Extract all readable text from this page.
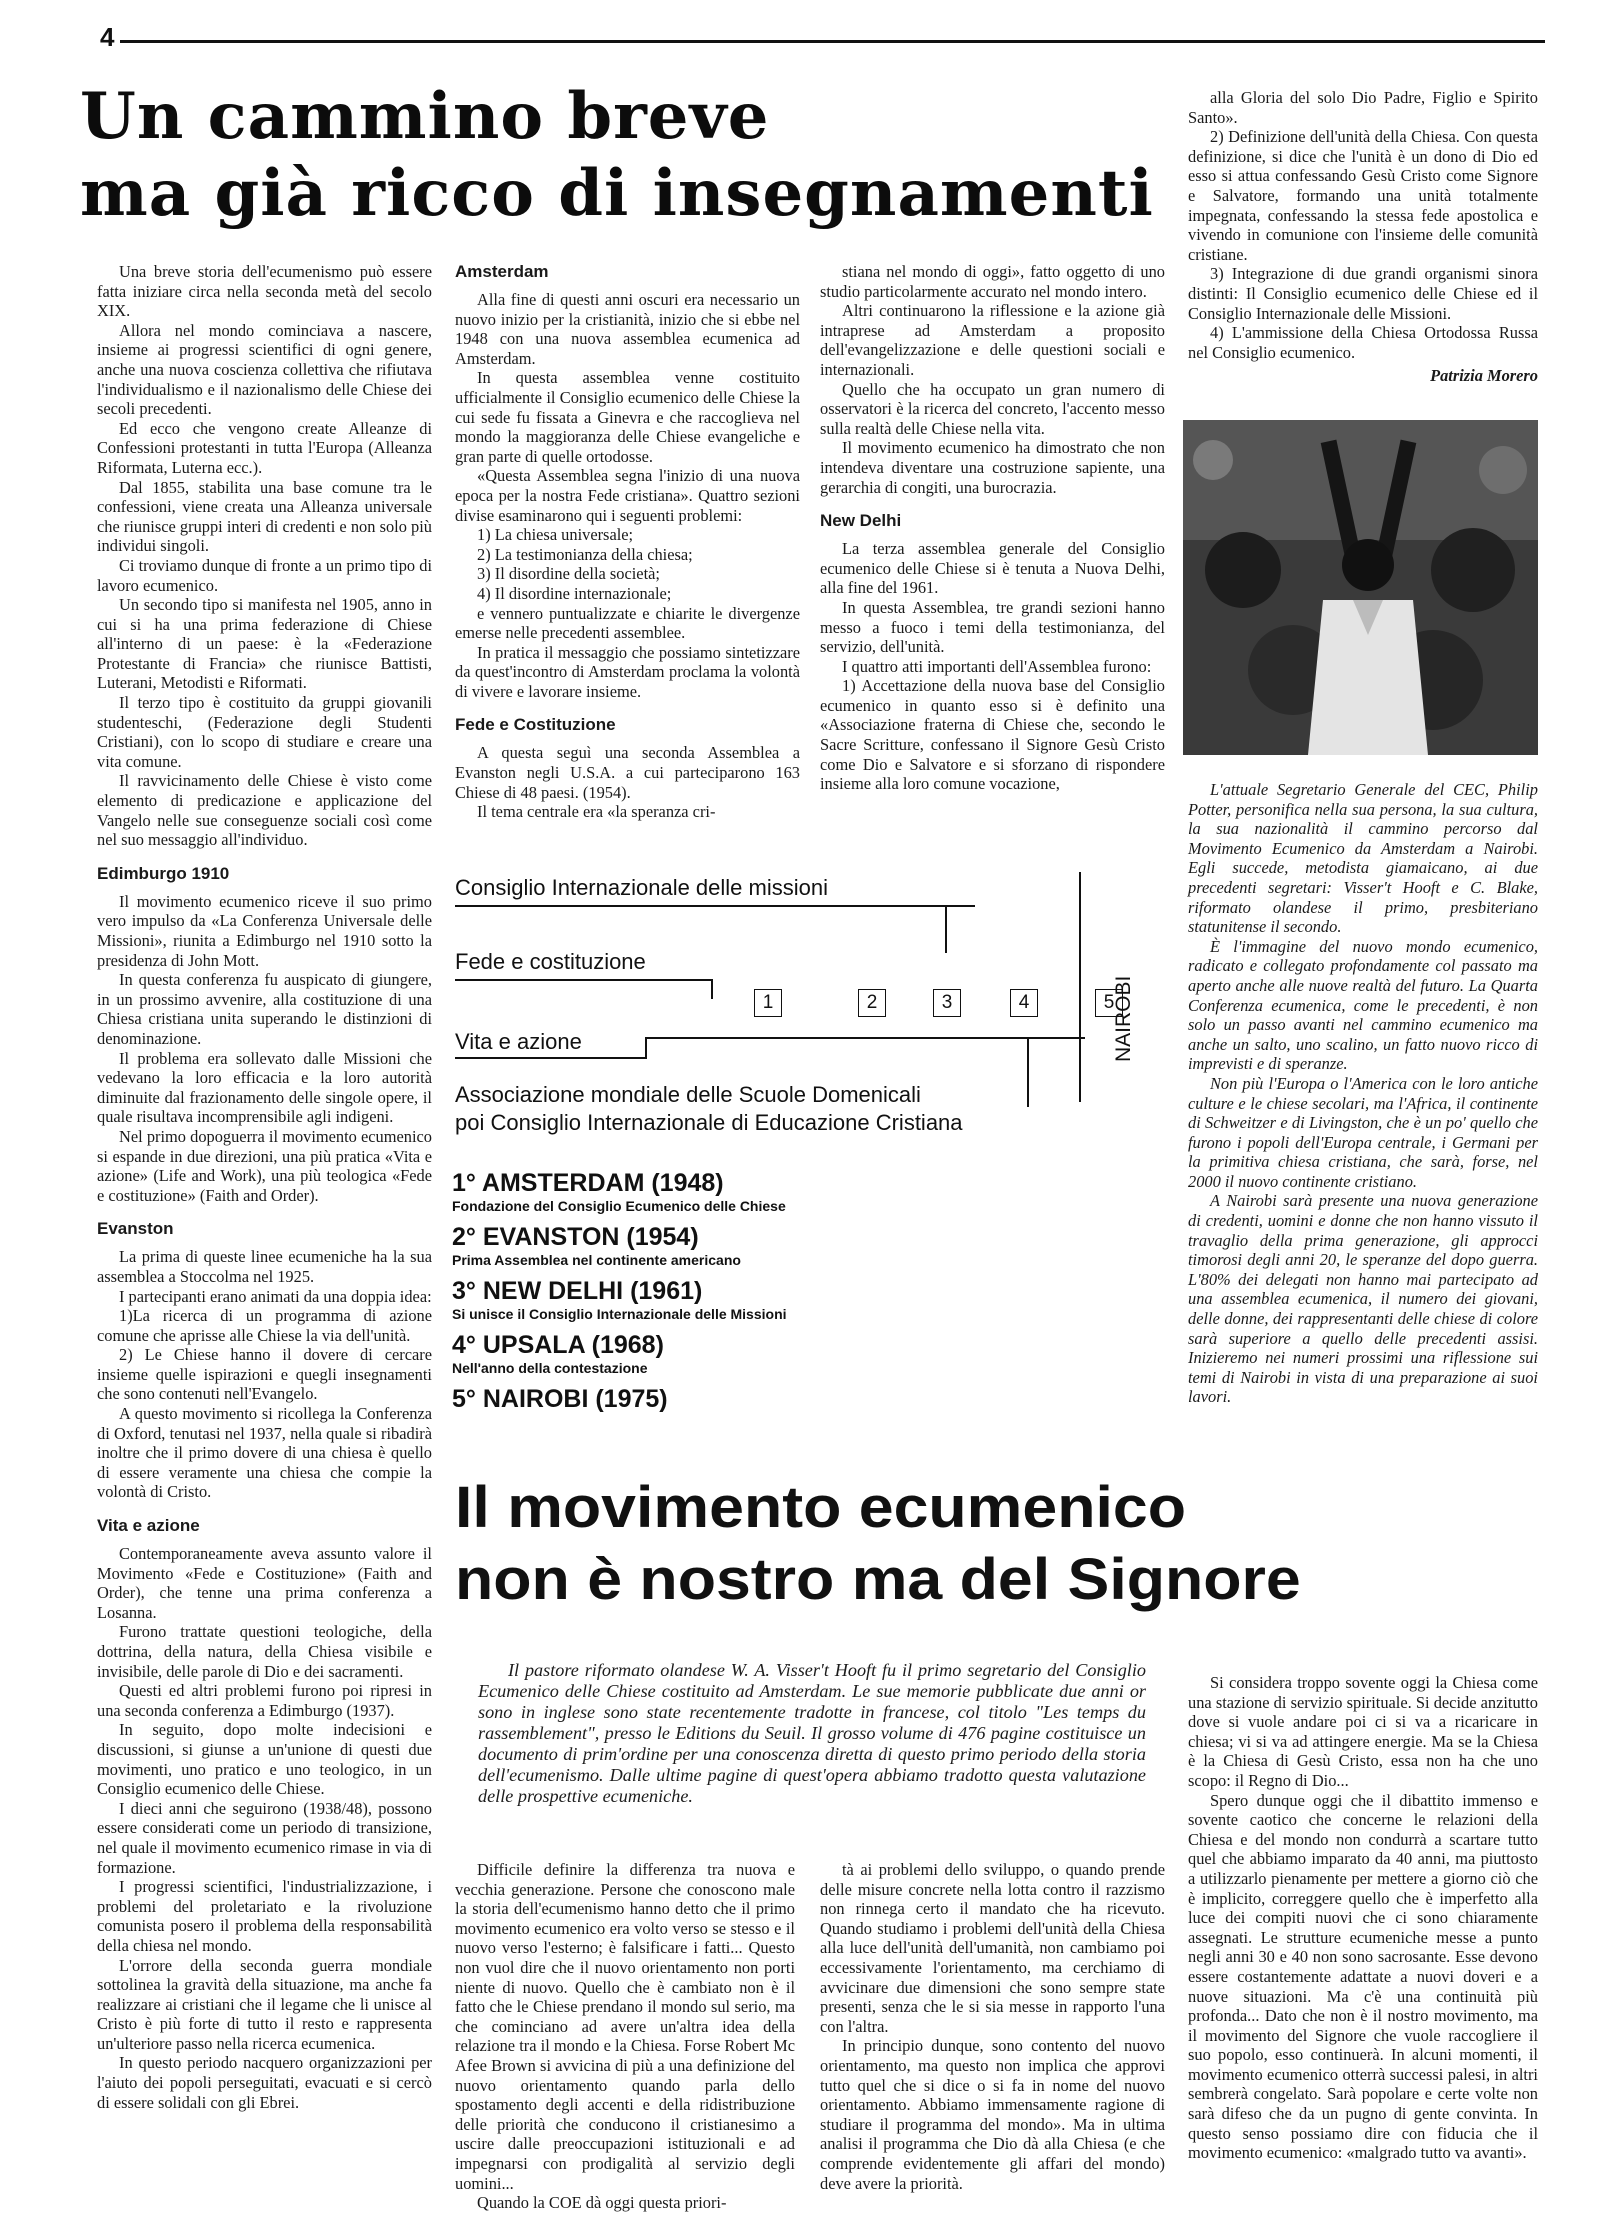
4
Un cammino breve
ma già ricco di insegnamenti

Una breve storia dell'ecumenismo può essere fatta iniziare circa nella seconda metà del secolo XIX.

Allora nel mondo cominciava a nascere, insieme ai progressi scientifici di ogni genere, anche una nuova coscienza collettiva che rifiutava l'individualismo e il nazionalismo delle Chiese dei secoli precedenti.

Ed ecco che vengono create Alleanze di Confessioni protestanti in tutta l'Europa (Alleanza Riformata, Luterna ecc.).

Dal 1855, stabilita una base comune tra le confessioni, viene creata una Alleanza universale che riunisce gruppi interi di credenti e non solo più individui singoli.

Ci troviamo dunque di fronte a un primo tipo di lavoro ecumenico.

Un secondo tipo si manifesta nel 1905, anno in cui si ha una prima federazione di Chiese all'interno di un paese: è la «Federazione Protestante di Francia» che riunisce Battisti, Luterani, Metodisti e Riformati.

Il terzo tipo è costituito da gruppi giovanili studenteschi, (Federazione degli Studenti Cristiani), con lo scopo di studiare e creare una vita comune.

Il ravvicinamento delle Chiese è visto come elemento di predicazione e applicazione del Vangelo nelle sue conseguenze sociali così come nel suo messaggio all'individuo.

Edimburgo 1910

Il movimento ecumenico riceve il suo primo vero impulso da «La Conferenza Universale delle Missioni», riunita a Edimburgo nel 1910 sotto la presidenza di John Mott.

In questa conferenza fu auspicato di giungere, in un prossimo avvenire, alla costituzione di una Chiesa cristiana unita superando le distinzioni di denominazione.

Il problema era sollevato dalle Missioni che vedevano la loro efficacia e la loro autorità diminuite dal frazionamento delle singole opere, il quale risultava incomprensibile agli indigeni.

Nel primo dopoguerra il movimento ecumenico si espande in due direzioni, una più pratica «Vita e azione» (Life and Work), una più teologica «Fede e costituzione» (Faith and Order).

Evanston

La prima di queste linee ecumeniche ha la sua assemblea a Stoccolma nel 1925.

I partecipanti erano animati da una doppia idea:

1)La ricerca di un programma di azione comune che aprisse alle Chiese la via dell'unità.

2) Le Chiese hanno il dovere di cercare insieme quelle ispirazioni e quegli insegnamenti che sono contenuti nell'Evangelo.

A questo movimento si ricollega la Conferenza di Oxford, tenutasi nel 1937, nella quale si ribadirà inoltre che il primo dovere di una chiesa è quello di essere veramente una chiesa che compie la volontà di Cristo.

Vita e azione

Contemporaneamente aveva assunto valore il Movimento «Fede e Costituzione» (Faith and Order), che tenne una prima conferenza a Losanna.

Furono trattate questioni teologiche, della dottrina, della natura, della Chiesa visibile e invisibile, delle parole di Dio e dei sacramenti.

Questi ed altri problemi furono poi ripresi in una seconda conferenza a Edimburgo (1937).

In seguito, dopo molte indecisioni e discussioni, si giunse a un'unione di questi due movimenti, uno pratico e uno teologico, in un Consiglio ecumenico delle Chiese.

I dieci anni che seguirono (1938/48), possono essere considerati come un periodo di transizione, nel quale il movimento ecumenico rimase in via di formazione.

I progressi scientifici, l'industrializzazione, i problemi del proletariato e la rivoluzione comunista posero il problema della responsabilità della chiesa nel mondo.

L'orrore della seconda guerra mondiale sottolinea la gravità della situazione, ma anche fa realizzare ai cristiani che il legame che li unisce al Cristo è più forte di tutto il resto e rappresenta un'ulteriore passo nella ricerca ecumenica.

In questo periodo nacquero organizzazioni per l'aiuto dei popoli perseguitati, evacuati e si cercò di essere solidali con gli Ebrei.

Amsterdam

Alla fine di questi anni oscuri era necessario un nuovo inizio per la cristianità, inizio che si ebbe nel 1948 con una nuova assemblea ecumenica ad Amsterdam.

In questa assemblea venne costituito ufficialmente il Consiglio ecumenico delle Chiese la cui sede fu fissata a Ginevra e che raccoglieva nel mondo la maggioranza delle Chiese evangeliche e gran parte di quelle ortodosse.

«Questa Assemblea segna l'inizio di una nuova epoca per la nostra Fede cristiana». Quattro sezioni divise esaminarono qui i seguenti problemi:

1) La chiesa universale;

2) La testimonianza della chiesa;

3) Il disordine della società;

4) Il disordine internazionale;

e vennero puntualizzate e chiarite le divergenze emerse nelle precedenti assemblee.

In pratica il messaggio che possiamo sintetizzare da quest'incontro di Amsterdam proclama la volontà di vivere e lavorare insieme.

Fede e Costituzione

A questa seguì una seconda Assemblea a Evanston negli U.S.A. a cui parteciparono 163 Chiese di 48 paesi. (1954).

Il tema centrale era «la speranza cri-

stiana nel mondo di oggi», fatto oggetto di uno studio particolarmente accurato nel mondo intero.

Altri continuarono la riflessione e la azione già intraprese ad Amsterdam a proposito dell'evangelizzazione e delle questioni sociali e internazionali.

Quello che ha occupato un gran numero di osservatori è la ricerca del concreto, l'accento messo sulla realtà delle Chiese nella vita.

Il movimento ecumenico ha dimostrato che non intendeva diventare una costruzione sapiente, una gerarchia di congiti, una burocrazia.

New Delhi

La terza assemblea generale del Consiglio ecumenico delle Chiese si è tenuta a Nuova Delhi, alla fine del 1961.

In questa Assemblea, tre grandi sezioni hanno messo a fuoco i temi della testimonianza, del servizio, dell'unità.

I quattro atti importanti dell'Assemblea furono:

1) Accettazione della nuova base del Consiglio ecumenico in quanto esso si è definito una «Associazione fraterna di Chiese che, secondo le Sacre Scritture, confessano il Signore Gesù Cristo come Dio e Salvatore e si sforzano di rispondere insieme alla loro comune vocazione,

alla Gloria del solo Dio Padre, Figlio e Spirito Santo».

2) Definizione dell'unità della Chiesa. Con questa definizione, si dice che l'unità è un dono di Dio ed esso si attua confessando Gesù Cristo come Signore e Salvatore, formando una unità totalmente impegnata, confessando la stessa fede apostolica e vivendo in comunione con l'insieme delle comunità cristiane.

3) Integrazione di due grandi organismi sinora distinti: Il Consiglio ecumenico delle Chiese ed il Consiglio Internazionale delle Missioni.

4) L'ammissione della Chiesa Ortodossa Russa nel Consiglio ecumenico.

Patrizia Morero

L'attuale Segretario Generale del CEC, Philip Potter, personifica nella sua persona, la sua cultura, la sua nazionalità il cammino percorso dal Movimento Ecumenico da Amsterdam a Nairobi. Egli succede, metodista giamaicano, ai due precedenti segretari: Visser't Hooft e C. Blake, riformato olandese il primo, presbiteriano statunitense il secondo.

È l'immagine del nuovo mondo ecumenico, radicato e collegato profondamente col passato ma aperto anche alle nuove realtà del futuro. La Quarta Conferenza ecumenica, come le precedenti, è non solo un passo avanti nel cammino ecumenico ma anche un salto, uno scalino, un fatto nuovo ricco di imprevisti e di speranze.

Non più l'Europa o l'America con le loro antiche culture e le chiese secolari, ma l'Africa, il continente di Schweitzer e di Livingston, che è un po' quello che furono i popoli dell'Europa centrale, i Germani per la primitiva chiesa cristiana, che sarà, forse, nel 2000 il nuovo continente cristiano.

A Nairobi sarà presente una nuova generazione di credenti, uomini e donne che non hanno vissuto il travaglio della prima generazione, gli approcci timorosi degli anni 20, le speranze del dopo guerra. L'80% dei delegati non hanno mai partecipato ad una assemblea ecumenica, il numero dei giovani, delle donne, dei rappresentanti delle chiese di colore sarà superiore a quello delle precedenti assisi. Inizieremo nei numeri prossimi una riflessione sui temi di Nairobi in vista di una preparazione ai suoi lavori.

Consiglio Internazionale delle missioni
Fede e costituzione
1	2	3	4	5
Vita e azione
Associazione mondiale delle Scuole Domenicali
poi Consiglio Internazionale di Educazione Cristiana
NAIROBI
1° AMSTERDAM (1948)
Fondazione del Consiglio Ecumenico delle Chiese
2° EVANSTON (1954)
Prima Assemblea nel continente americano
3° NEW DELHI (1961)
Si unisce il Consiglio Internazionale delle Missioni
4° UPSALA (1968)
Nell'anno della contestazione
5° NAIROBI (1975)
Il movimento ecumenico
non è nostro ma del Signore

Il pastore riformato olandese W. A. Visser't Hooft fu il primo segretario del Consiglio Ecumenico delle Chiese costituito ad Amsterdam. Le sue memorie pubblicate due anni or sono in inglese sono state recentemente tradotte in francese, col titolo "Les temps du rassemblement", presso le Editions du Seuil. Il grosso volume di 476 pagine costituisce un documento di prim'ordine per una conoscenza diretta di questo primo periodo della storia dell'ecumenismo. Dalle ultime pagine di quest'opera abbiamo tradotto questa valutazione delle prospettive ecumeniche.

Difficile definire la differenza tra nuova e vecchia generazione. Persone che conoscono male la storia dell'ecumenismo hanno detto che il primo movimento ecumenico era volto verso se stesso e il nuovo verso l'esterno; è falsificare i fatti... Questo non vuol dire che il nuovo orientamento non porti niente di nuovo. Quello che è cambiato non è il fatto che le Chiese prendano il mondo sul serio, ma che cominciano ad avere un'altra idea della relazione tra il mondo e la Chiesa. Forse Robert Mc Afee Brown si avvicina di più a una definizione del nuovo orientamento quando parla dello spostamento degli accenti e della ridistribuzione delle priorità che conducono il cristianesimo a uscire dalle preoccupazioni istituzionali e ad impegnarsi con prodigalità al servizio degli uomini...

Quando la COE dà oggi questa priori-

tà ai problemi dello sviluppo, o quando prende delle misure concrete nella lotta contro il razzismo non rinnega certo il mandato che ha ricevuto. Quando studiamo i problemi dell'unità della Chiesa alla luce dell'unità dell'umanità, non cambiamo poi eccessivamente l'orientamento, ma cerchiamo di avvicinare due dimensioni che sono sempre state presenti, senza che le si sia messe in rapporto l'una con l'altra.

In principio dunque, sono contento del nuovo orientamento, ma questo non implica che approvi tutto quel che si dice o si fa in nome del nuovo orientamento. Abbiamo immensamente ragione di studiare il programma del mondo». Ma in ultima analisi il programma che Dio dà alla Chiesa (e che comprende evidentemente gli affari del mondo) deve avere la priorità.

Si considera troppo sovente oggi la Chiesa come una stazione di servizio spirituale. Si decide anzitutto dove si vuole andare poi ci si va a ricaricare in chiesa; vi si va ad attingere energie. Ma se la Chiesa è la Chiesa di Gesù Cristo, essa non ha che uno scopo: il Regno di Dio...

Spero dunque oggi che il dibattito immenso e sovente caotico che concerne le relazioni della Chiesa e del mondo non condurrà a scartare tutto quel che abbiamo imparato da 40 anni, ma piuttosto a utilizzarlo pienamente per mettere a giorno ciò che è implicito, correggere quello che è imperfetto alla luce dei compiti nuovi che ci sono chiaramente assegnati. Le strutture ecumeniche messe a punto negli anni 30 e 40 non sono sacrosante. Esse devono essere costantemente adattate a nuovi doveri e a nuove situazioni. Ma c'è una continuità più profonda... Dato che non è il nostro movimento, ma il movimento del Signore che vuole raccogliere il suo popolo, esso continuerà. In alcuni momenti, il movimento ecumenico otterrà successi palesi, in altri sembrerà congelato. Sarà popolare e certe volte non sarà difeso che da un pugno di gente convinta. In questo senso possiamo dire con fiducia che il movimento ecumenico: «malgrado tutto va avanti».
